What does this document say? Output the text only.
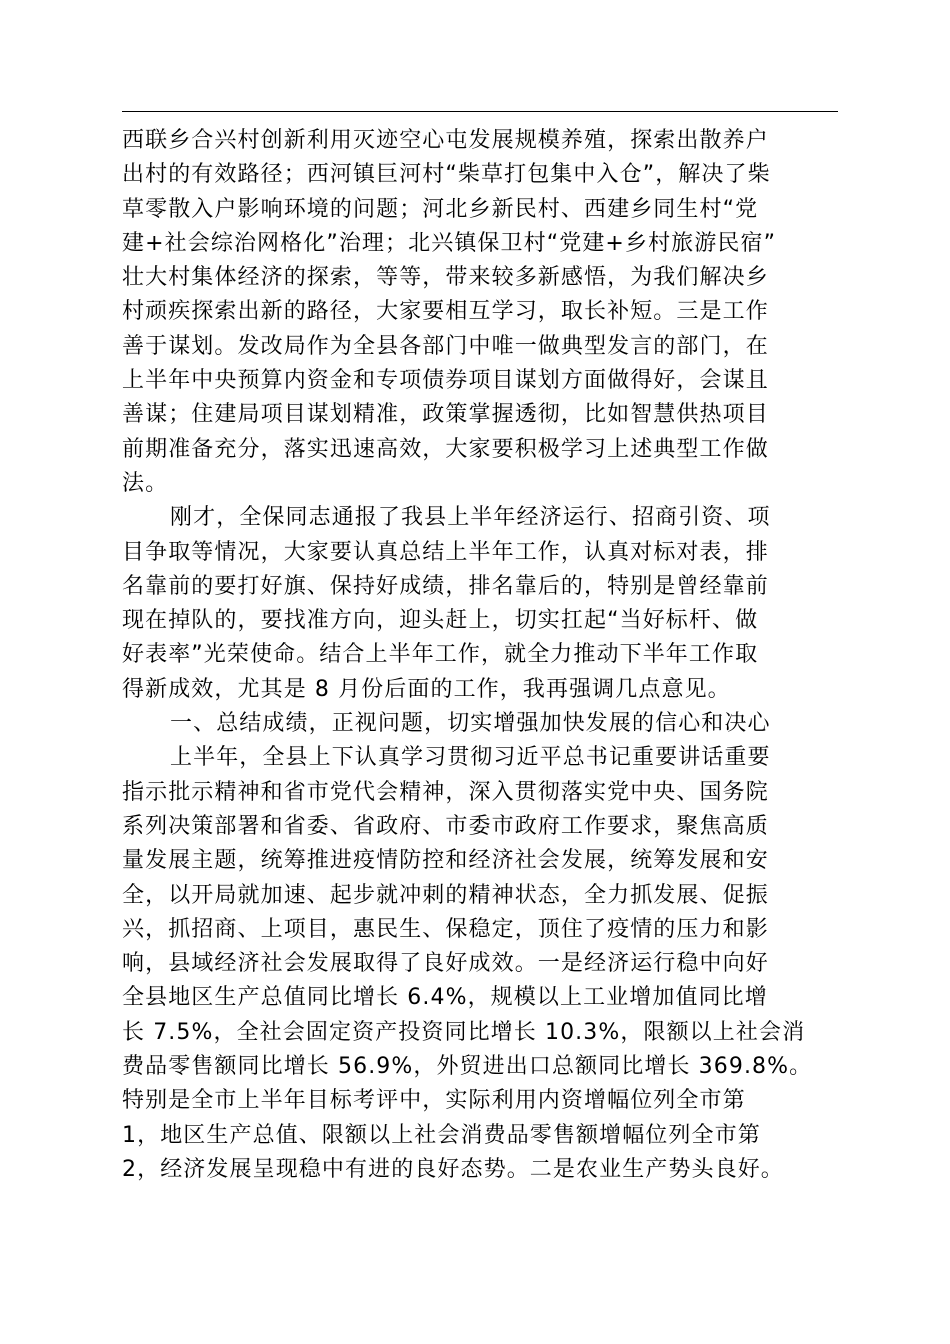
西联乡合兴村创新利用灭迹空心屯发展规模养殖，探索出散养户
出村的有效路径；西河镇巨河村“柴草打包集中入仓”，解决了柴
草零散入户影响环境的问题；河北乡新民村、西建乡同生村“党
建+社会综治网格化”治理；北兴镇保卫村“党建+乡村旅游民宿”
壮大村集体经济的探索，等等，带来较多新感悟，为我们解决乡
村顽疾探索出新的路径，大家要相互学习，取长补短。三是工作
善于谋划。发改局作为全县各部门中唯一做典型发言的部门，在
上半年中央预算内资金和专项债券项目谋划方面做得好，会谋且
善谋；住建局项目谋划精准，政策掌握透彻，比如智慧供热项目
前期准备充分，落实迅速高效，大家要积极学习上述典型工作做
法。
刚才，全保同志通报了我县上半年经济运行、招商引资、项
目争取等情况，大家要认真总结上半年工作，认真对标对表，排
名靠前的要打好旗、保持好成绩，排名靠后的，特别是曾经靠前
现在掉队的，要找准方向，迎头赶上，切实扛起“当好标杆、做
好表率”光荣使命。结合上半年工作，就全力推动下半年工作取
得新成效，尤其是 8 月份后面的工作，我再强调几点意见。
一、总结成绩，正视问题，切实增强加快发展的信心和决心
上半年，全县上下认真学习贯彻习近平总书记重要讲话重要
指示批示精神和省市党代会精神，深入贯彻落实党中央、国务院
系列决策部署和省委、省政府、市委市政府工作要求，聚焦高质
量发展主题，统筹推进疫情防控和经济社会发展，统筹发展和安
全，以开局就加速、起步就冲刺的精神状态，全力抓发展、促振
兴，抓招商、上项目，惠民生、保稳定，顶住了疫情的压力和影
响，县域经济社会发展取得了良好成效。一是经济运行稳中向好
全县地区生产总值同比增长 6.4%，规模以上工业增加值同比增
长 7.5%，全社会固定资产投资同比增长 10.3%，限额以上社会消
费品零售额同比增长 56.9%，外贸进出口总额同比增长 369.8%。
特别是全市上半年目标考评中，实际利用内资增幅位列全市第
1，地区生产总值、限额以上社会消费品零售额增幅位列全市第
2，经济发展呈现稳中有进的良好态势。二是农业生产势头良好。
